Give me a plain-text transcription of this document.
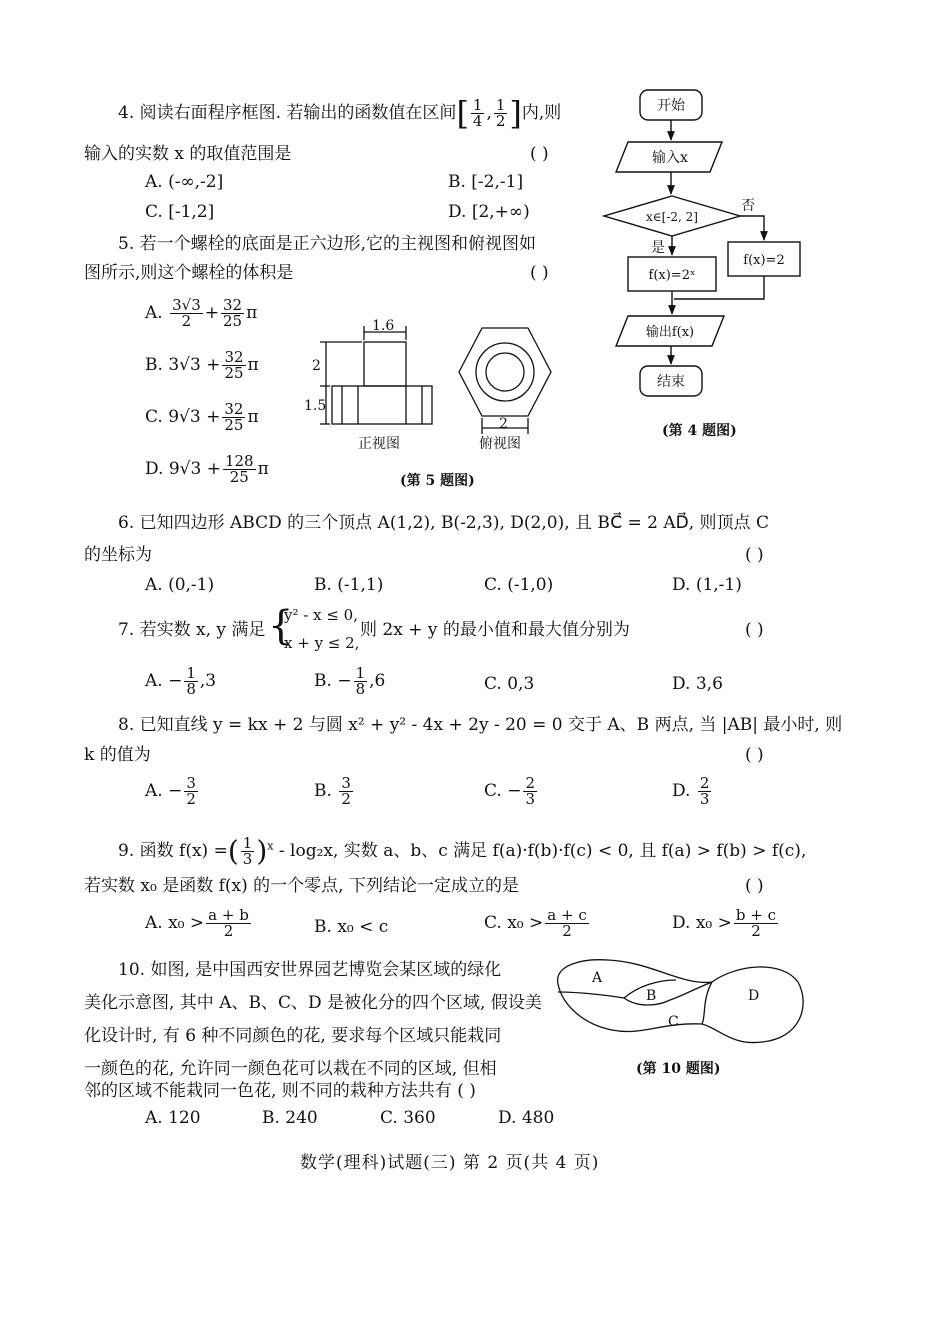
4. 阅读右面程序框图. 若输出的函数值在区间[ $\frac{1}{4}$ , $\frac{1}{2}$ ]内,则
输入的实数 x 的取值范围是	( )
A. (-∞,-2]	B. [-2,-1]
C. [-1,2]	D. [2,+∞)
开始
输入x
x∈[-2, 2]
否
是
f(x)=2ˣ
f(x)=2
输出f(x)
结束
(第 4 题图)
5. 若一个螺栓的底面是正六边形,它的主视图和俯视图如
图所示,则这个螺栓的体积是	( )
A. $\frac{3√3}{2} + \frac{32}{25}$ π
B. $3√3 + \frac{32}{25}$ π
C. $9√3 + \frac{32}{25}$ π
D. $9√3 + \frac{128}{25}$ π
1.6
2
1.5
正视图
2
俯视图
(第 5 题图)
6. 已知四边形 ABCD 的三个顶点 A(1,2), B(-2,3), D(2,0), 且 BC⃗ = 2 AD⃗, 则顶点 C
的坐标为	( )
A. (0,-1)	B. (-1,1)	C. (-1,0)	D. (1,-1)
7. 若实数 x, y 满足 {
y² - x ≤ 0,
x + y ≤ 2,
则 2x + y 的最小值和最大值分别为	( )
A. − $\frac{1}{8} ,3$	B. − $\frac{1}{8} ,6$	C. 0,3	D. 3,6
8. 已知直线 y = kx + 2 与圆 x² + y² - 4x + 2y - 20 = 0 交于 A、B 两点, 当 |AB| 最小时, 则
k 的值为	( )
A. − $\frac{3}{2}$	B. $\frac{3}{2}$	C. − $\frac{2}{3}$	D. $\frac{2}{3}$
9. 函数 f(x) =( $\frac{1}{3} )^x - \log_2x$, 实数 a、b、c 满足 f(a)·f(b)·f(c) < 0, 且 f(a) > f(b) > f(c),
若实数 x₀ 是函数 f(x) 的一个零点, 下列结论一定成立的是	( )
A. $x_0 > \frac{a + b}{2}$	B. x₀ < c	C. $x_0 > \frac{a + c}{2}$	D. $x_0 > \frac{b + c}{2}$
10. 如图, 是中国西安世界园艺博览会某区域的绿化
美化示意图, 其中 A、B、C、D 是被化分的四个区域, 假设美
化设计时, 有 6 种不同颜色的花, 要求每个区域只能栽同
一颜色的花, 允许同一颜色花可以栽在不同的区域, 但相
邻的区域不能栽同一色花, 则不同的栽种方法共有 ( )
A. 120	B. 240	C. 360	D. 480
A
B
C
D
(第 10 题图)
数学(理科)试题(三) 第 2 页(共 4 页)
